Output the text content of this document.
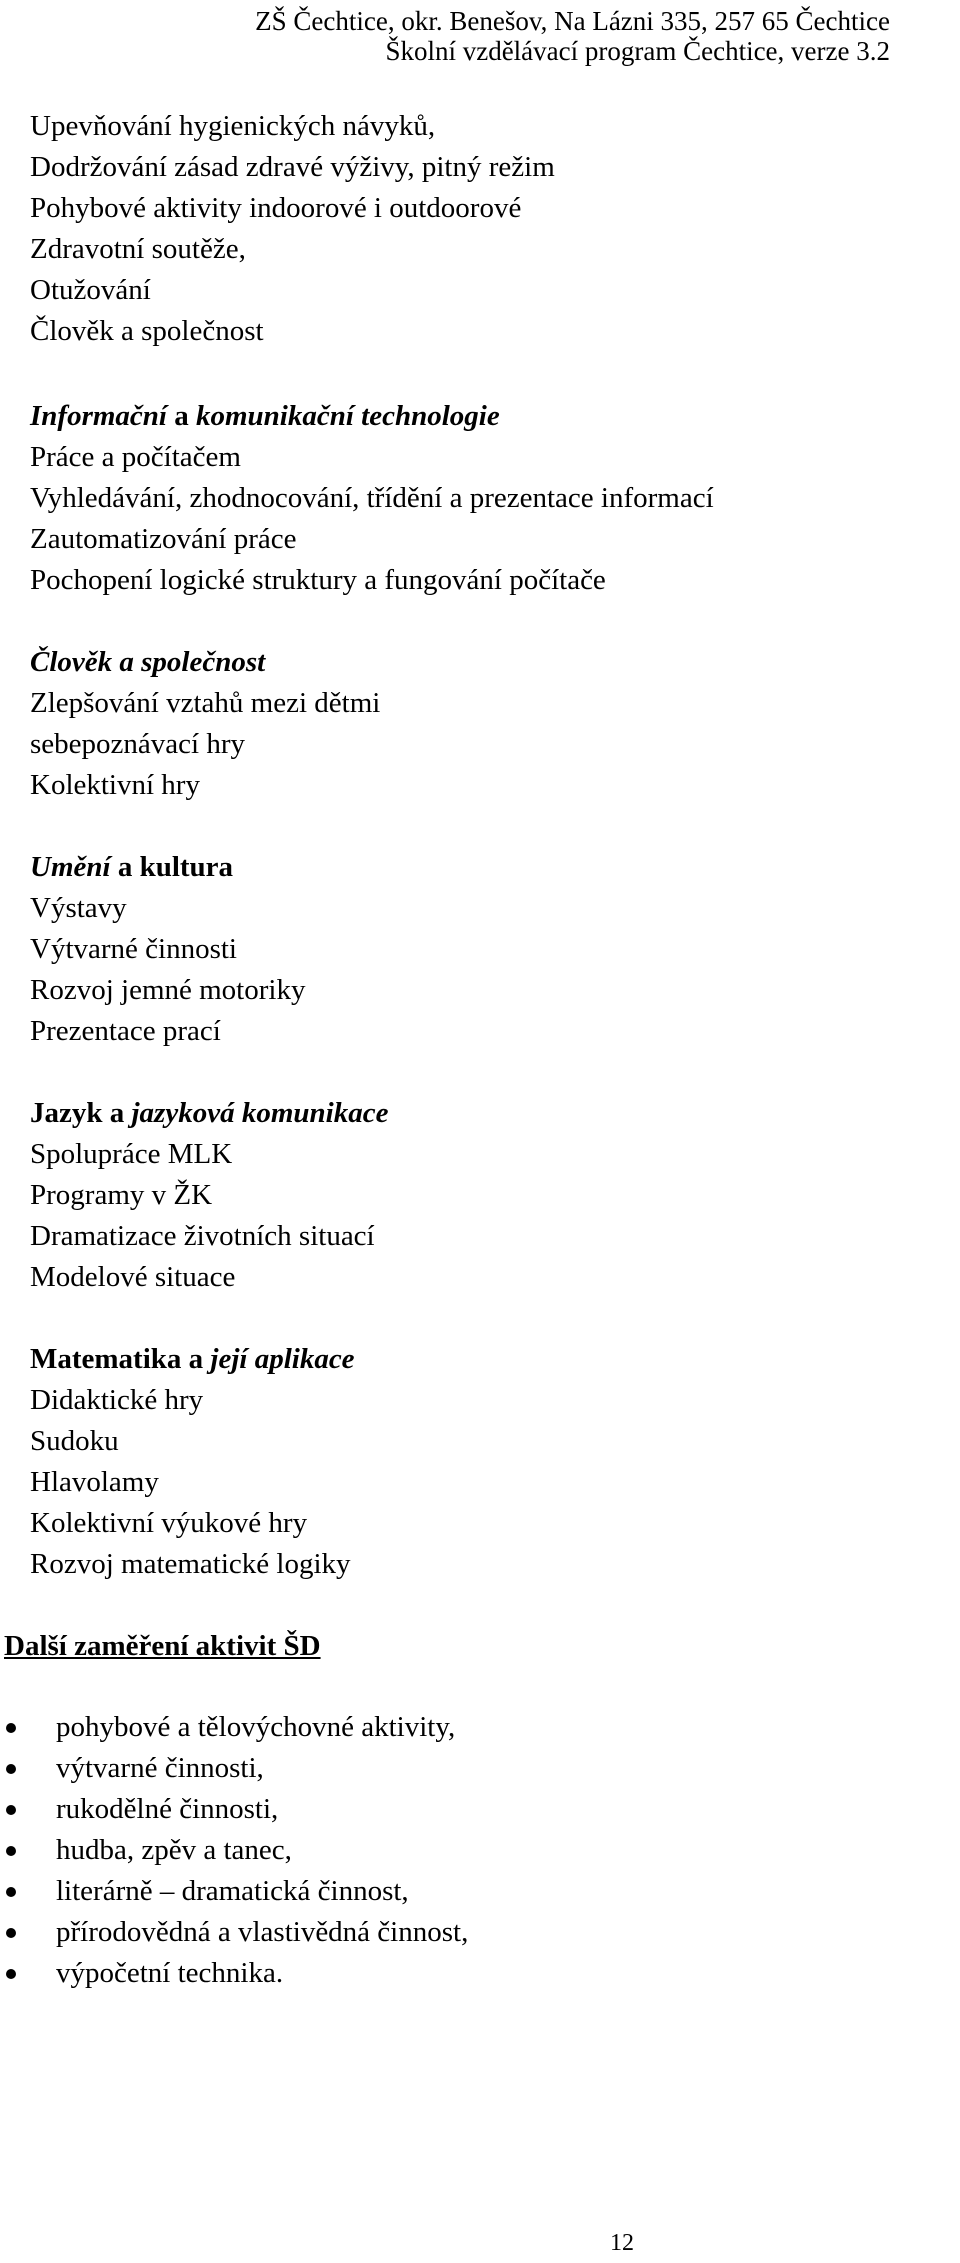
ZŠ Čechtice, okr. Benešov, Na Lázni 335, 257 65 Čechtice
Školní vzdělávací program Čechtice, verze 3.2
Upevňování hygienických návyků,
Dodržování zásad zdravé výživy, pitný režim
Pohybové aktivity indoorové i outdoorové
Zdravotní soutěže,
Otužování
Člověk a společnost
Informační a komunikační technologie
Práce a počítačem
Vyhledávání, zhodnocování, třídění a prezentace informací
Zautomatizování práce
Pochopení logické struktury a fungování počítače
Člověk a společnost
Zlepšování vztahů mezi dětmi
sebepoznávací hry
Kolektivní hry
Umění a kultura
Výstavy
Výtvarné činnosti
Rozvoj jemné motoriky
Prezentace prací
Jazyk a jazyková komunikace
Spolupráce MLK
Programy v ŽK
Dramatizace životních situací
Modelové situace
Matematika a její aplikace
Didaktické hry
Sudoku
Hlavolamy
Kolektivní výukové hry
Rozvoj matematické logiky
Další zaměření aktivit ŠD
pohybové a tělovýchovné aktivity,
výtvarné činnosti,
rukodělné činnosti,
hudba, zpěv a tanec,
literárně – dramatická činnost,
přírodovědná a vlastivědná činnost,
výpočetní technika.
12
